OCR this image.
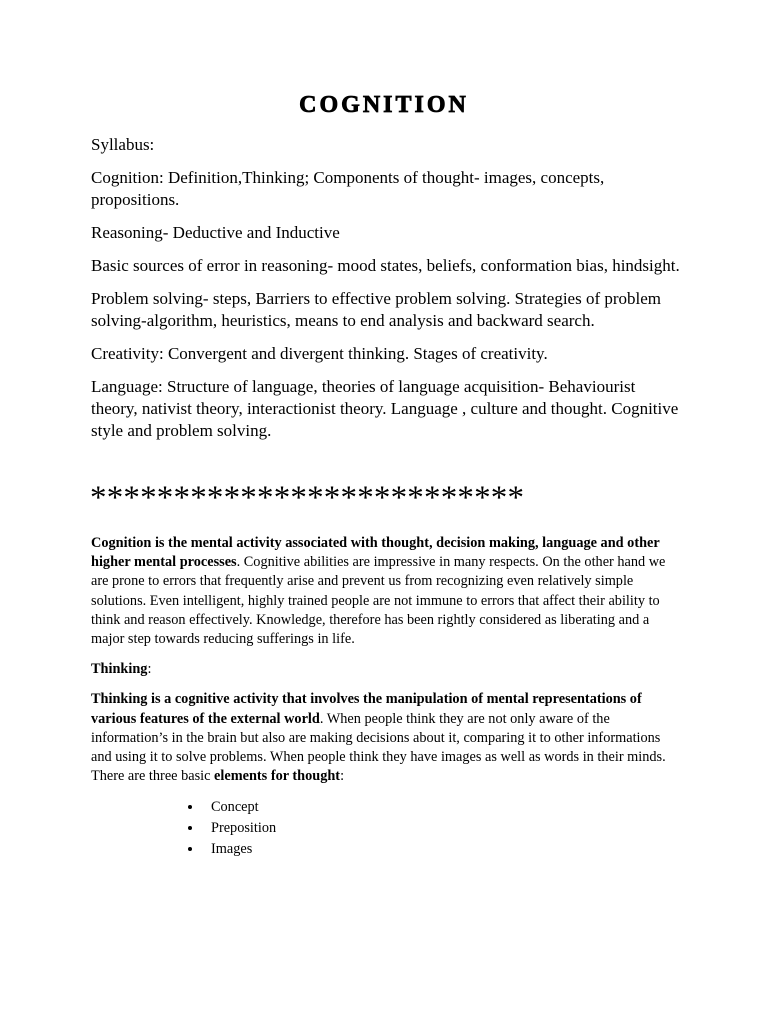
COGNITION

Syllabus:

Cognition: Definition,Thinking; Components of thought- images, concepts, propositions.

Reasoning- Deductive and Inductive

Basic sources of error in reasoning- mood states, beliefs, conformation bias, hindsight.

Problem solving- steps, Barriers to effective problem solving. Strategies of problem solving-algorithm, heuristics, means to end analysis and backward search.

Creativity: Convergent and divergent thinking. Stages of creativity.

Language: Structure of language, theories of language acquisition- Behaviourist theory, nativist theory, interactionist theory. Language , culture and thought. Cognitive style and problem solving.

**************************

Cognition is the mental activity associated with thought, decision making, language and other higher mental processes. Cognitive abilities are impressive in many respects. On the other hand we are prone to errors that frequently arise and prevent us from recognizing even relatively simple solutions. Even intelligent, highly trained people are not immune to errors that affect their ability to think and reason effectively. Knowledge, therefore has been rightly considered as liberating and a major step towards reducing sufferings in life.

Thinking:

Thinking is a cognitive activity that involves the manipulation of mental representations of various features of the external world. When people think they are not only aware of the information’s in the brain but also are making decisions about it, comparing it to other informations and using it to solve problems. When people think they have images as well as words in their minds. There are three basic elements for thought:

• Concept
• Preposition
• Images
